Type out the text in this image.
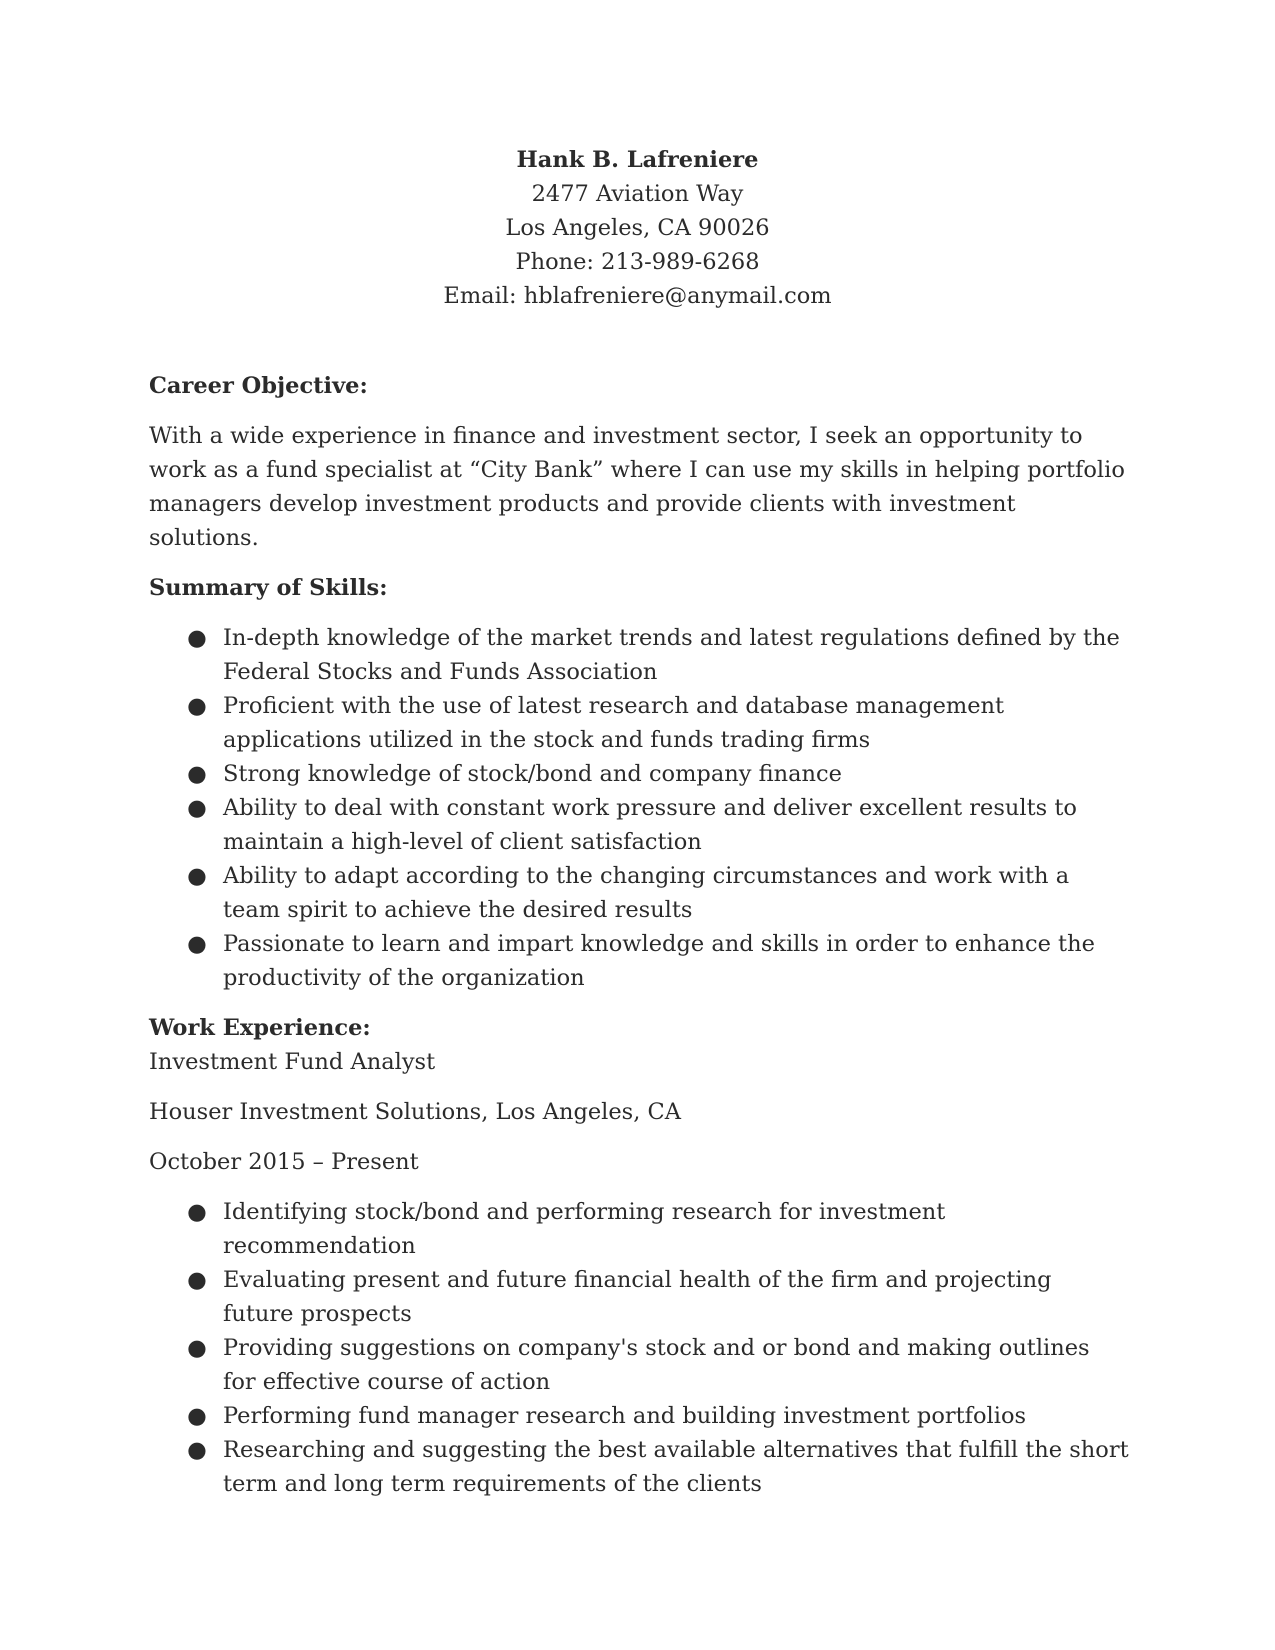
Hank B. Lafreniere
2477 Aviation Way
Los Angeles, CA 90026
Phone: 213-989-6268
Email: hblafreniere@anymail.com
Career Objective:

With a wide experience in finance and investment sector, I seek an opportunity to work as a fund specialist at “City Bank” where I can use my skills in helping portfolio managers develop investment products and provide clients with investment solutions.

Summary of Skills:
● In-depth knowledge of the market trends and latest regulations defined by the Federal Stocks and Funds Association
● Proficient with the use of latest research and database management applications utilized in the stock and funds trading firms
● Strong knowledge of stock/bond and company finance
● Ability to deal with constant work pressure and deliver excellent results to maintain a high-level of client satisfaction
● Ability to adapt according to the changing circumstances and work with a team spirit to achieve the desired results
● Passionate to learn and impart knowledge and skills in order to enhance the productivity of the organization
Work Experience:
Investment Fund Analyst
Houser Investment Solutions, Los Angeles, CA
October 2015 – Present
● Identifying stock/bond and performing research for investment recommendation
● Evaluating present and future financial health of the firm and projecting future prospects
● Providing suggestions on company's stock and or bond and making outlines for effective course of action
● Performing fund manager research and building investment portfolios
● Researching and suggesting the best available alternatives that fulfill the short term and long term requirements of the clients
